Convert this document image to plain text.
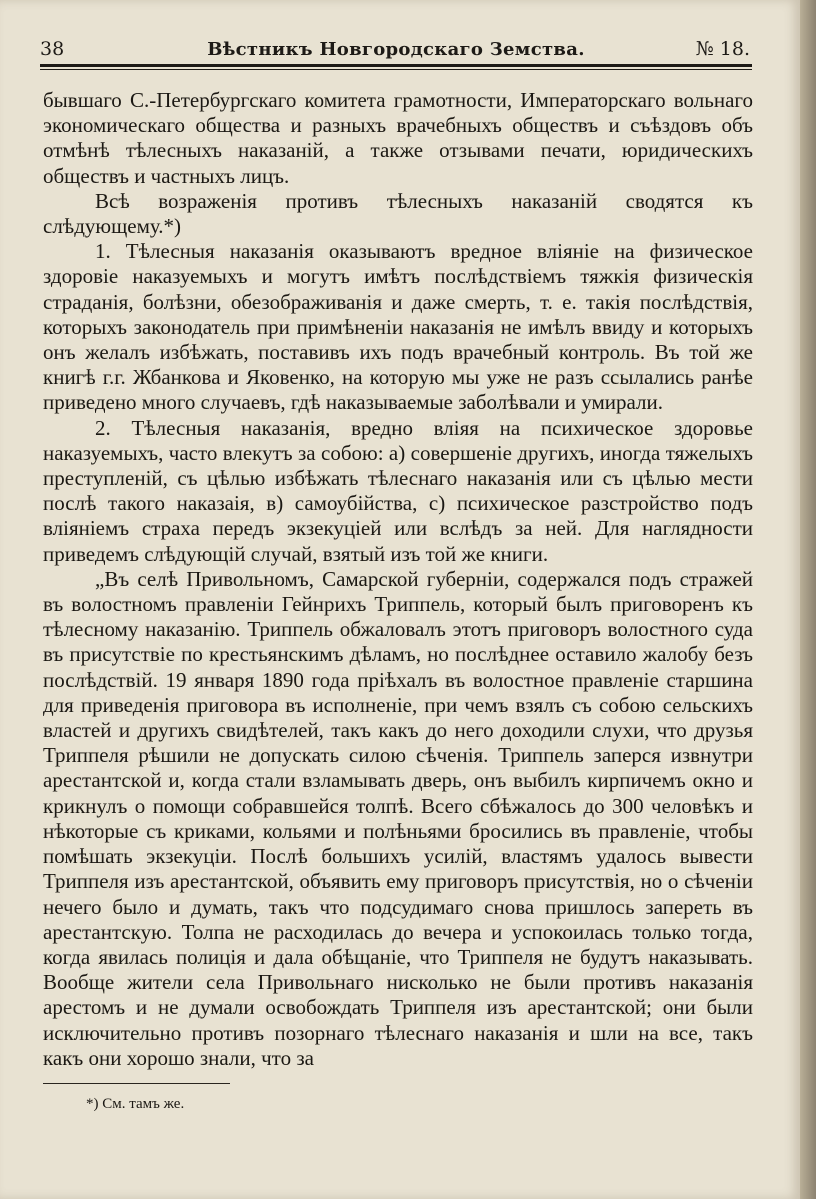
38	Вѣстникъ Новгородскаго Земства.	№ 18.

бывшаго С.-Петербургскаго комитета грамотности, Императорскаго вольнаго экономическаго общества и разныхъ врачебныхъ обществъ и съѣздовъ объ отмѣнѣ тѣлесныхъ наказаній, а также отзывами печати, юридическихъ обществъ и частныхъ лицъ.

Всѣ возраженія противъ тѣлесныхъ наказаній сводятся къ слѣдующему.*)

1. Тѣлесныя наказанія оказываютъ вредное вліяніе на физическое здоровіе наказуемыхъ и могутъ имѣтъ послѣдствіемъ тяжкія физическія страданія, болѣзни, обезображиванія и даже смерть, т. е. такія послѣдствія, которыхъ законодатель при примѣненіи наказанія не имѣлъ ввиду и которыхъ онъ желалъ избѣжать, поставивъ ихъ подъ врачебный контроль. Въ той же книгѣ г.г. Жбанкова и Яковенко, на которую мы уже не разъ ссылались ранѣе приведено много случаевъ, гдѣ наказываемые заболѣвали и умирали.

2. Тѣлесныя наказанія, вредно вліяя на психическое здоровье наказуемыхъ, часто влекутъ за собою: а) совершеніе другихъ, иногда тяжелыхъ преступленій, съ цѣлью избѣжать тѣлеснаго наказанія или съ цѣлью мести послѣ такого наказаія, в) самоубійства, с) психическое разстройство подъ вліяніемъ страха передъ экзекуціей или вслѣдъ за ней. Для наглядности приведемъ слѣдующій случай, взятый изъ той же книги.

„Въ селѣ Привольномъ, Самарской губерніи, содержался подъ стражей въ волостномъ правленіи Гейнрихъ Триппель, который былъ приговоренъ къ тѣлесному наказанію. Триппель обжаловалъ этотъ приговоръ волостного суда въ присутствіе по крестьянскимъ дѣламъ, но послѣднее оставило жалобу безъ послѣдствій. 19 января 1890 года пріѣхалъ въ волостное правленіе старшина для приведенія приговора въ исполненіе, при чемъ взялъ съ собою сельскихъ властей и другихъ свидѣтелей, такъ какъ до него доходили слухи, что друзья Триппеля рѣшили не допускать силою сѣченія. Триппель заперся извнутри арестантской и, когда стали взламывать дверь, онъ выбилъ кирпичемъ окно и крикнулъ о помощи собравшейся толпѣ. Всего сбѣжалось до 300 человѣкъ и нѣкоторые съ криками, кольями и полѣньями бросились въ правленіе, чтобы помѣшать экзекуціи. Послѣ большихъ усилій, властямъ удалось вывести Триппеля изъ арестантской, объявить ему приговоръ присутствія, но о сѣченіи нечего было и думать, такъ что подсудимаго снова пришлось запереть въ арестантскую. Толпа не расходилась до вечера и успокоилась только тогда, когда явилась полиція и дала обѣщаніе, что Триппеля не будутъ наказывать. Вообще жители села Привольнаго нисколько не были противъ наказанія арестомъ и не думали освобождать Триппеля изъ арестантской; они были исключительно противъ позорнаго тѣлеснаго наказанія и шли на все, такъ какъ они хорошо знали, что за

*) См. тамъ же.
